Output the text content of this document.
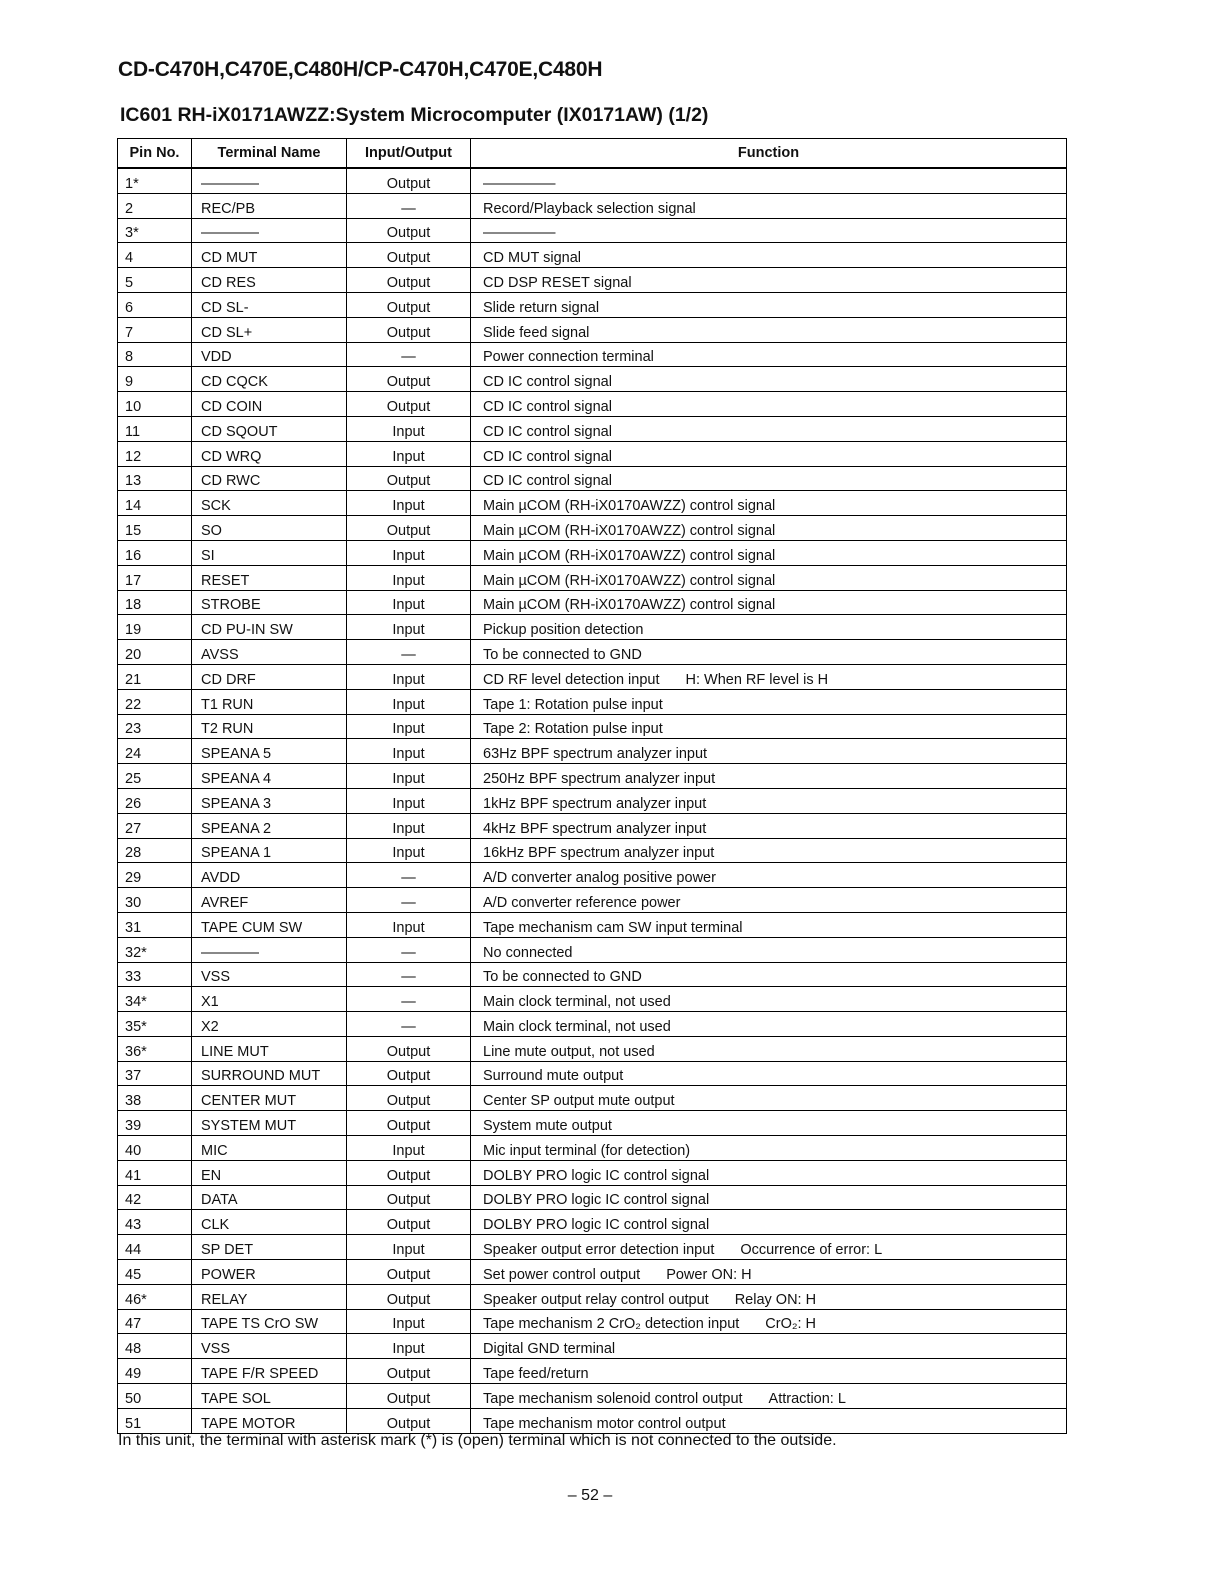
CD-C470H,C470E,C480H/CP-C470H,C470E,C480H
IC601 RH-iX0171AWZZ:System Microcomputer (IX0171AW) (1/2)
Pin No.	Terminal Name	Input/Output	Function
1*	————	Output	—————
2	REC/PB	—	Record/Playback selection signal
3*	————	Output	—————
4	CD MUT	Output	CD MUT signal
5	CD RES	Output	CD DSP RESET signal
6	CD SL-	Output	Slide return signal
7	CD SL+	Output	Slide feed signal
8	VDD	—	Power connection terminal
9	CD CQCK	Output	CD IC control signal
10	CD COIN	Output	CD IC control signal
11	CD SQOUT	Input	CD IC control signal
12	CD WRQ	Input	CD IC control signal
13	CD RWC	Output	CD IC control signal
14	SCK	Input	Main µCOM (RH-iX0170AWZZ) control signal
15	SO	Output	Main µCOM (RH-iX0170AWZZ) control signal
16	SI	Input	Main µCOM (RH-iX0170AWZZ) control signal
17	RESET	Input	Main µCOM (RH-iX0170AWZZ) control signal
18	STROBE	Input	Main µCOM (RH-iX0170AWZZ) control signal
19	CD PU-IN SW	Input	Pickup position detection
20	AVSS	—	To be connected to GND
21	CD DRF	Input	CD RF level detection input H: When RF level is H
22	T1 RUN	Input	Tape 1: Rotation pulse input
23	T2 RUN	Input	Tape 2: Rotation pulse input
24	SPEANA 5	Input	63Hz BPF spectrum analyzer input
25	SPEANA 4	Input	250Hz BPF spectrum analyzer input
26	SPEANA 3	Input	1kHz BPF spectrum analyzer input
27	SPEANA 2	Input	4kHz BPF spectrum analyzer input
28	SPEANA 1	Input	16kHz BPF spectrum analyzer input
29	AVDD	—	A/D converter analog positive power
30	AVREF	—	A/D converter reference power
31	TAPE CUM SW	Input	Tape mechanism cam SW input terminal
32*	————	—	No connected
33	VSS	—	To be connected to GND
34*	X1	—	Main clock terminal, not used
35*	X2	—	Main clock terminal, not used
36*	LINE MUT	Output	Line mute output, not used
37	SURROUND MUT	Output	Surround mute output
38	CENTER MUT	Output	Center SP output mute output
39	SYSTEM MUT	Output	System mute output
40	MIC	Input	Mic input terminal (for detection)
41	EN	Output	DOLBY PRO logic IC control signal
42	DATA	Output	DOLBY PRO logic IC control signal
43	CLK	Output	DOLBY PRO logic IC control signal
44	SP DET	Input	Speaker output error detection input Occurrence of error: L
45	POWER	Output	Set power control output Power ON: H
46*	RELAY	Output	Speaker output relay control output Relay ON: H
47	TAPE TS CrO SW	Input	Tape mechanism 2 CrO₂ detection input CrO₂: H
48	VSS	Input	Digital GND terminal
49	TAPE F/R SPEED	Output	Tape feed/return
50	TAPE SOL	Output	Tape mechanism solenoid control output Attraction: L
51	TAPE MOTOR	Output	Tape mechanism motor control output
In this unit, the terminal with asterisk mark (*) is (open) terminal which is not connected to the outside.
– 52 –
